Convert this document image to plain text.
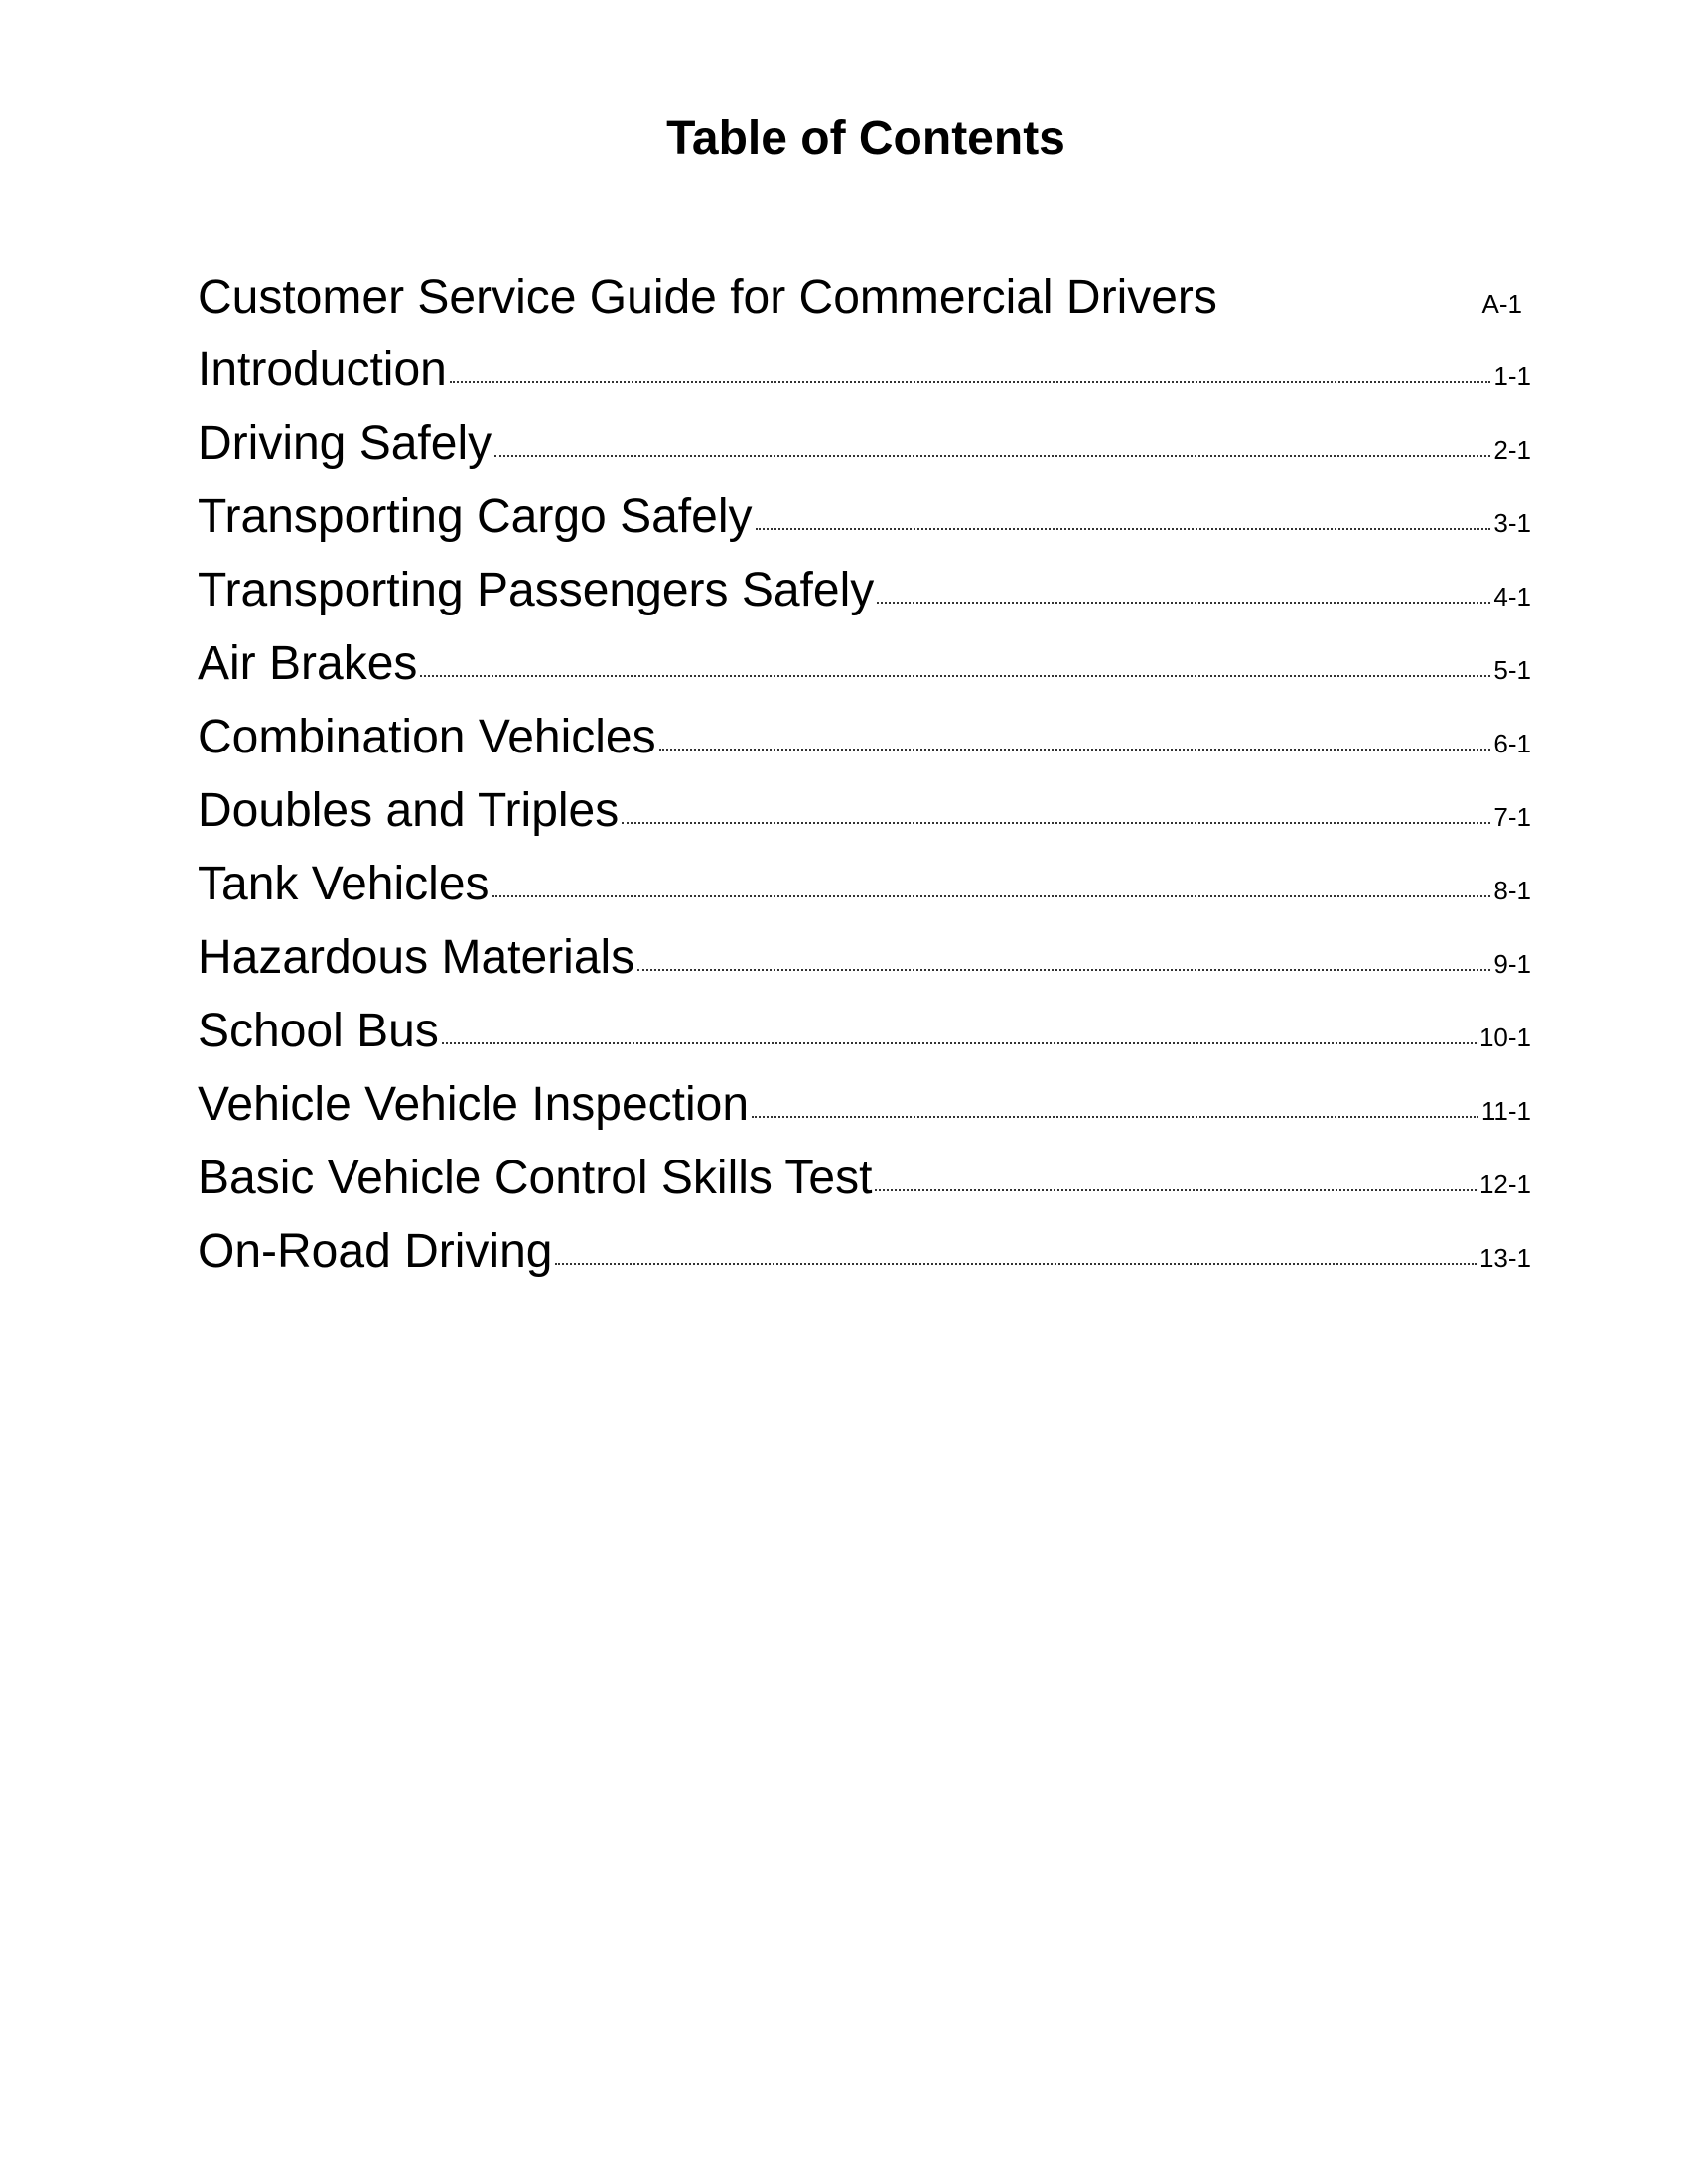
Table of Contents
Customer Service Guide for Commercial Drivers	A-1
Introduction	1-1
Driving Safely	2-1
Transporting Cargo Safely	3-1
Transporting Passengers Safely	4-1
Air Brakes	5-1
Combination Vehicles	6-1
Doubles and Triples	7-1
Tank Vehicles	8-1
Hazardous Materials	9-1
School Bus	10-1
Vehicle Vehicle Inspection	11-1
Basic Vehicle Control Skills Test	12-1
On-Road Driving	13-1
